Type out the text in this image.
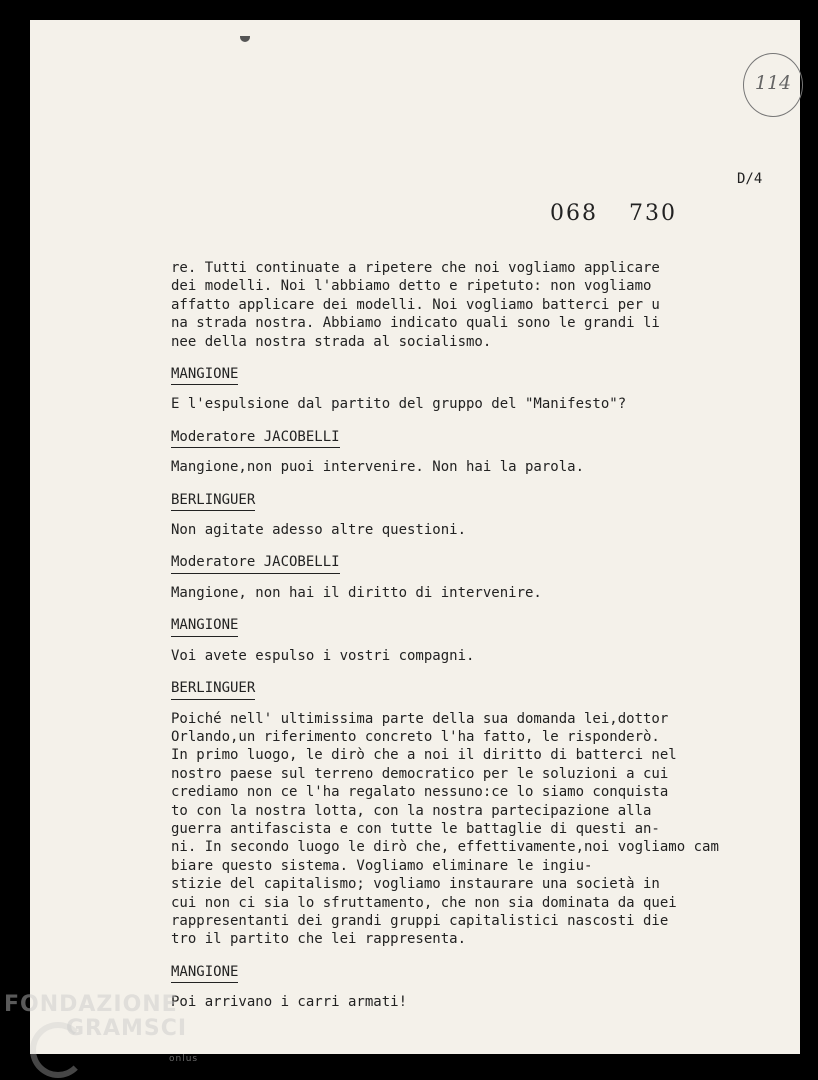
114
D/4
068 730

re. Tutti continuate a ripetere che noi vogliamo applicare

dei modelli. Noi l'abbiamo detto e ripetuto: non vogliamo

affatto applicare dei modelli. Noi vogliamo batterci per u

na strada nostra. Abbiamo indicato quali sono le grandi li

nee della nostra strada al socialismo.

MANGIONE

E l'espulsione dal partito del gruppo del "Manifesto"?

Moderatore JACOBELLI

Mangione,non puoi intervenire. Non hai la parola.

BERLINGUER

Non agitate adesso altre questioni.

Moderatore JACOBELLI

Mangione, non hai il diritto di intervenire.

MANGIONE

Voi avete espulso i vostri compagni.

BERLINGUER

Poiché nell' ultimissima parte della sua domanda lei,dottor

Orlando,un riferimento concreto l'ha fatto, le risponderò.

In primo luogo, le dirò che a noi il diritto di batterci nel

nostro paese sul terreno democratico per le soluzioni a cui

crediamo non ce l'ha regalato nessuno:ce lo siamo conquista

to con la nostra lotta, con la nostra partecipazione alla

guerra antifascista e con tutte le battaglie di questi an-

ni. In secondo luogo le dirò che, effettivamente,noi vogliamo cam

biare questo sistema. Vogliamo eliminare le ingiu-

stizie del capitalismo; vogliamo instaurare una società in

cui non ci sia lo sfruttamento, che non sia dominata da quei

rappresentanti dei grandi gruppi capitalistici nascosti die

tro il partito che lei rappresenta.

MANGIONE

Poi arrivano i carri armati!

FONDAZIONE
GRAMSCI
onlus
